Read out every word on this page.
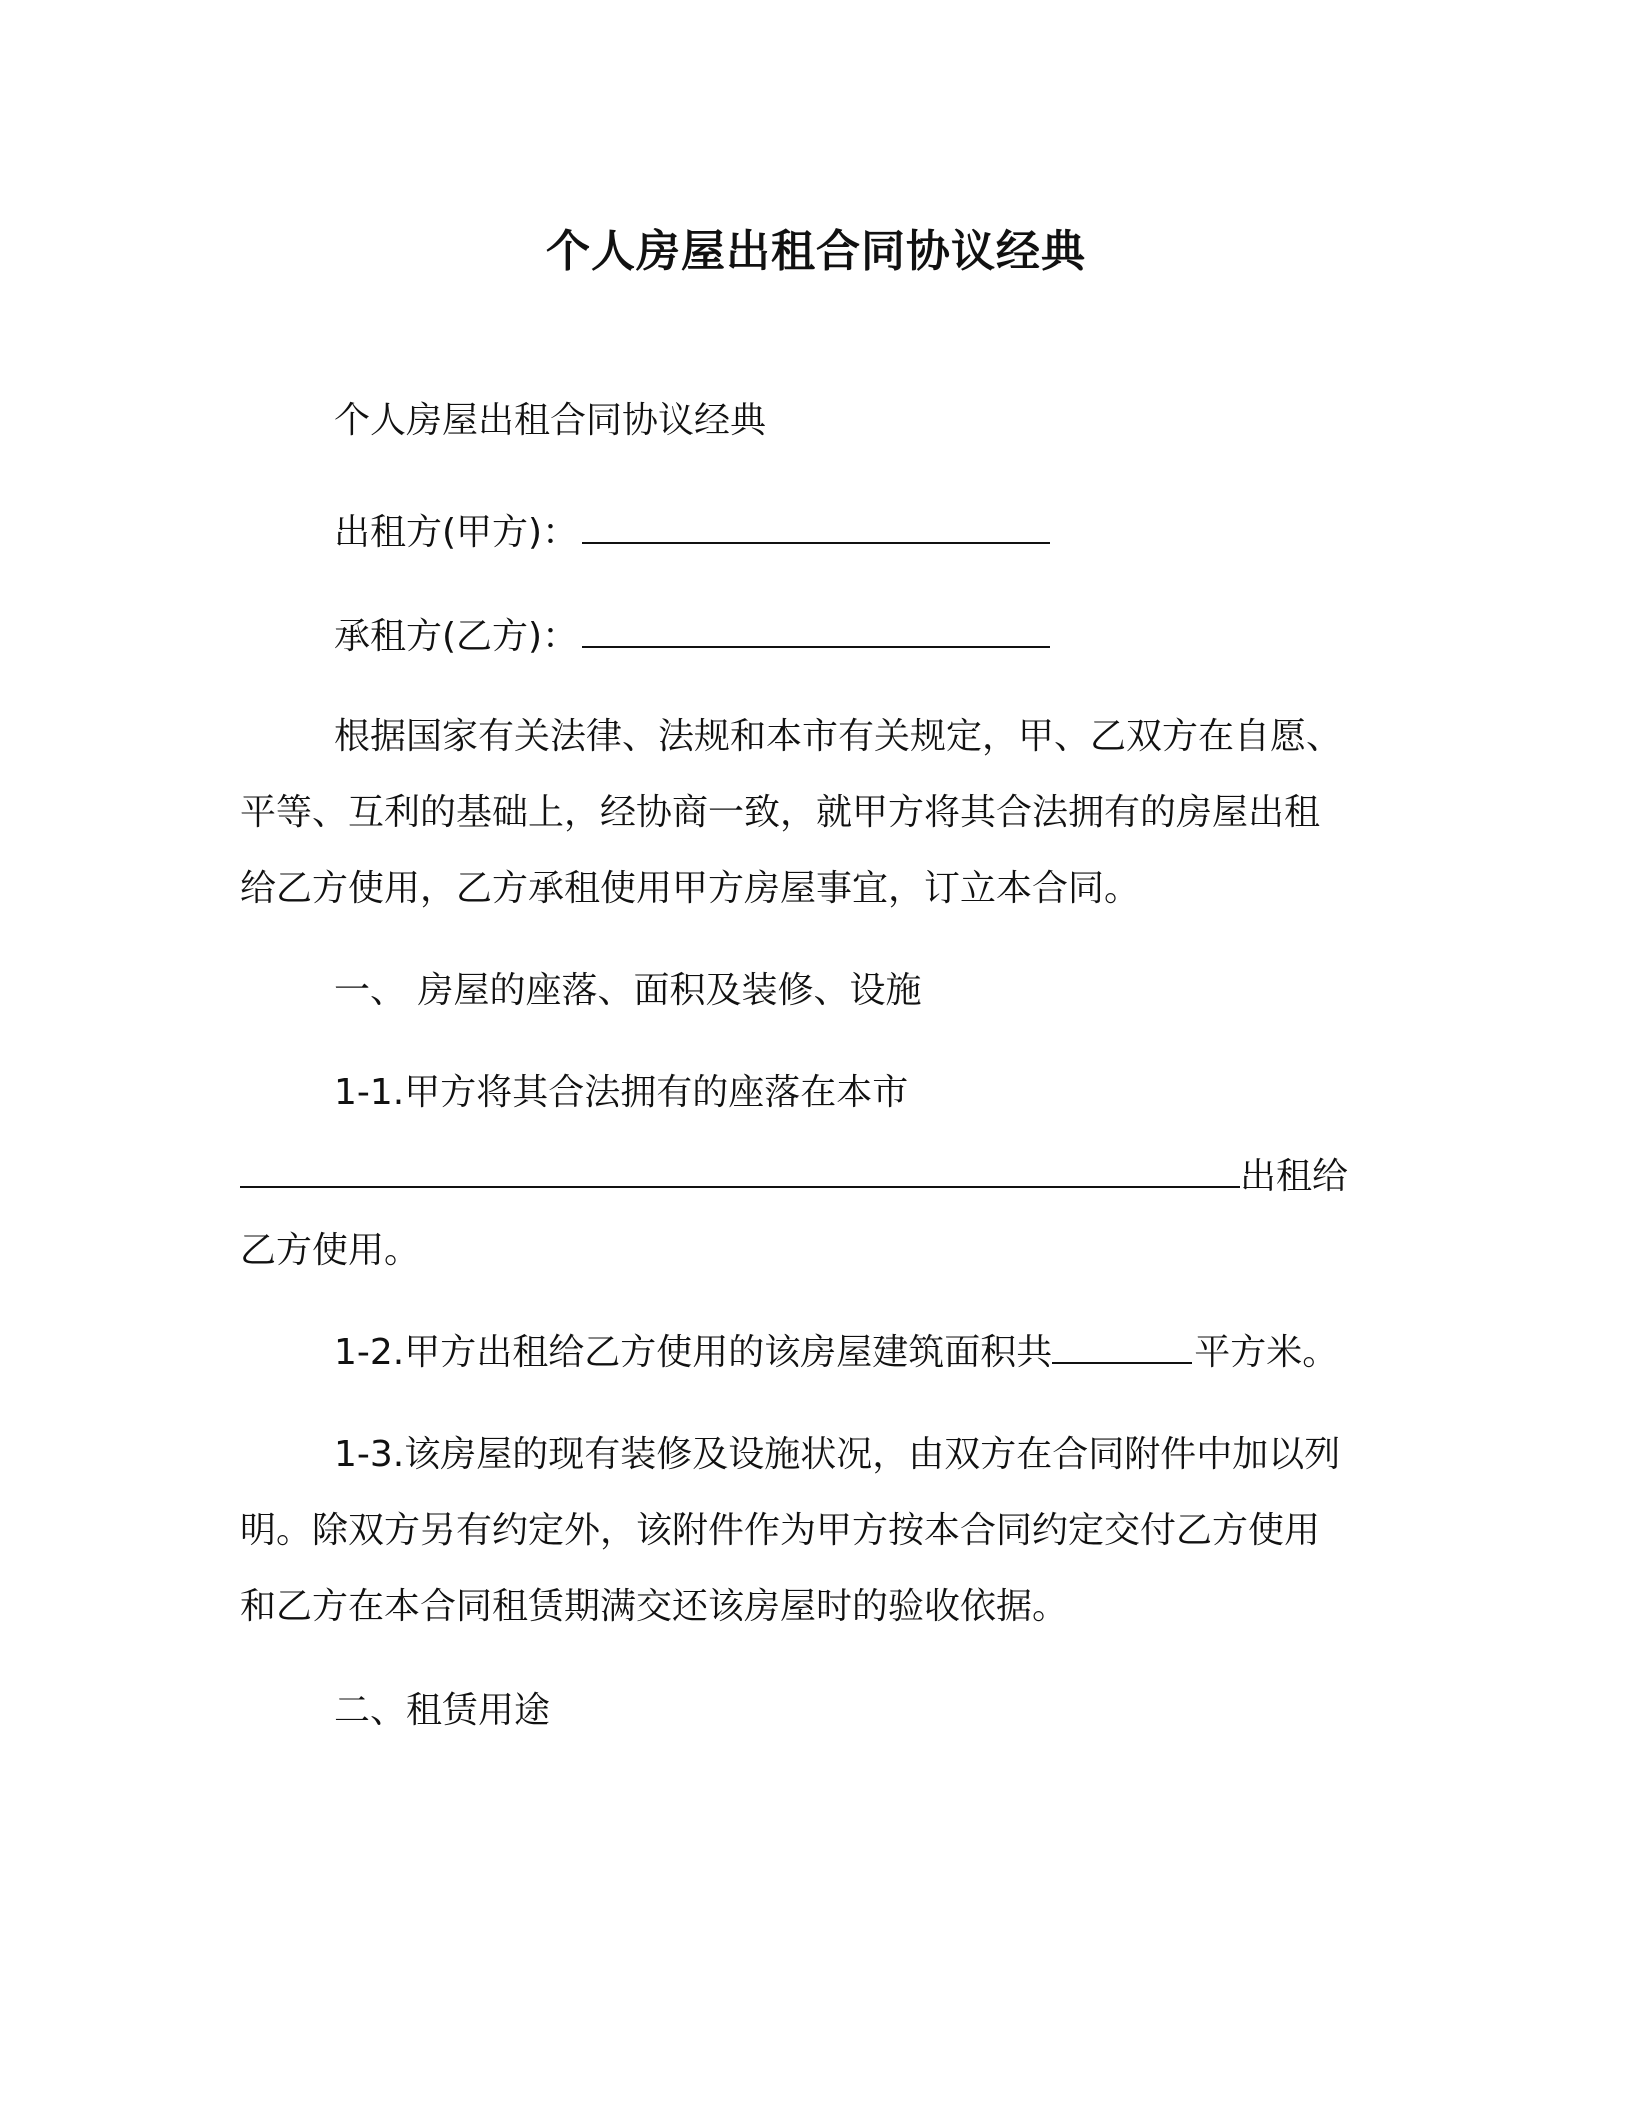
个人房屋出租合同协议经典
个人房屋出租合同协议经典
出租方(甲方)：
承租方(乙方)：
根据国家有关法律、法规和本市有关规定，甲、乙双方在自愿、
平等、互利的基础上，经协商一致，就甲方将其合法拥有的房屋出租
给乙方使用，乙方承租使用甲方房屋事宜，订立本合同。
一、 房屋的座落、面积及装修、设施
1-1.甲方将其合法拥有的座落在本市
出租给
乙方使用。
1-2.甲方出租给乙方使用的该房屋建筑面积共	平方米。
1-3.该房屋的现有装修及设施状况，由双方在合同附件中加以列
明。除双方另有约定外，该附件作为甲方按本合同约定交付乙方使用
和乙方在本合同租赁期满交还该房屋时的验收依据。
二、租赁用途
